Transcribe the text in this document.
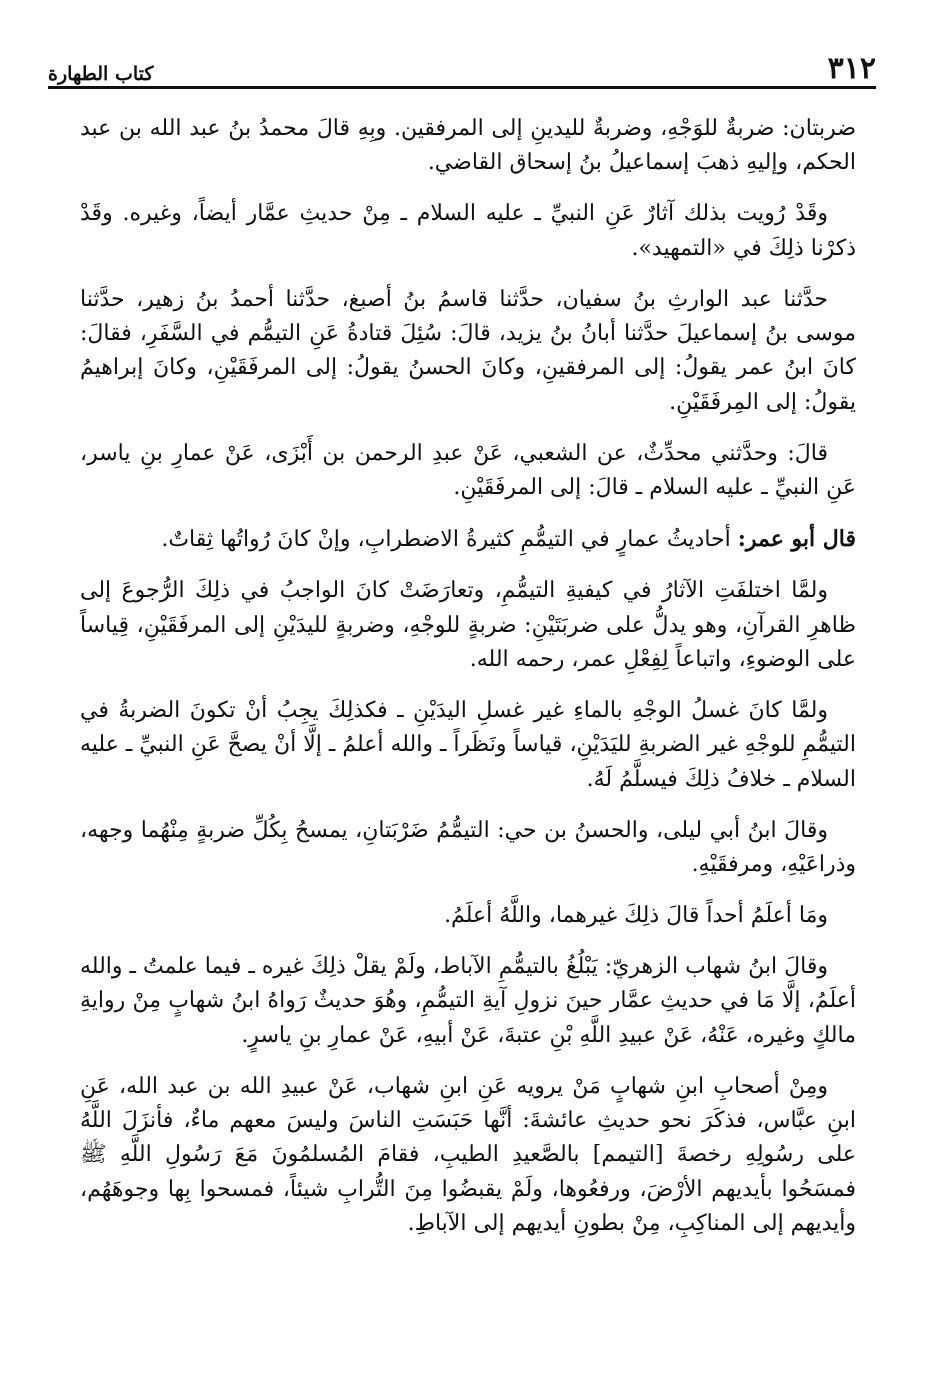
٣١٢
كتاب الطهارة

ضربتان: ضربةٌ للوَجْهِ، وضربةٌ لليدينِ إلى المرفقين. وبِهِ قالَ محمدُ بنُ عبد الله بن عبد الحكم، وإليهِ ذهبَ إسماعيلُ بنُ إسحاق القاضي.

وقَدْ رُويت بذلك آثارٌ عَنِ النبيِّ ـ عليه السلام ـ مِنْ حديثِ عمَّار أيضاً، وغيره. وقَدْ ذكرْنا ذلِكَ في «التمهيد».

حدَّثنا عبد الوارثِ بنُ سفيان، حدَّثنا قاسمُ بنُ أصبغ، حدَّثنا أحمدُ بنُ زهير، حدَّثنا موسى بنُ إسماعيلَ حدَّثنا أبانُ بنُ يزيد، قالَ: سُئِلَ قتادةُ عَنِ التيمُّم في السَّفَرِ، فقالَ: كانَ ابنُ عمر يقولُ: إلى المرفقينِ، وكانَ الحسنُ يقولُ: إلى المرفَقَيْنِ، وكانَ إبراهيمُ يقولُ: إلى المِرفَقَيْنِ.

قالَ: وحدَّثني محدِّثٌ، عن الشعبي، عَنْ عبدِ الرحمن بن أَبْزَى، عَنْ عمارِ بنِ ياسر، عَنِ النبيِّ ـ عليه السلام ـ قالَ: إلى المرفَقَيْنِ.

قال أبو عمر: أحاديثُ عمارٍ في التيمُّمِ كثيرةُ الاضطرابِ، وإنْ كانَ رُواتُها ثِقاتٌ.

ولمَّا اختلفَتِ الآثارُ في كيفيةِ التيمُّمِ، وتعارَضَتْ كانَ الواجبُ في ذلِكَ الرُّجوعَ إلى ظاهرِ القرآنِ، وهو يدلُّ على ضربَتَيْنِ: ضربةٍ للوجْهِ، وضربةٍ لليدَيْنِ إلى المرفَقَيْنِ، قِياساً على الوضوءِ، واتباعاً لِفِعْلِ عمر، رحمه الله.

ولمَّا كانَ غسلُ الوجْهِ بالماءِ غير غسلِ اليدَيْنِ ـ فكذلِكَ يجِبُ أنْ تكونَ الضربةُ في التيمُّمِ للوجْهِ غير الضربةِ لليَدَيْنِ، قياساً ونَظَراً ـ والله أعلمُ ـ إلَّا أنْ يصحَّ عَنِ النبيِّ ـ عليه السلام ـ خلافُ ذلِكَ فيسلَّمُ لَهُ.

وقالَ ابنُ أبي ليلى، والحسنُ بن حي: التيمُّمُ ضَرْبَتانِ، يمسحُ بِكُلِّ ضربةٍ مِنْهُما وجهه، وذراعَيْهِ، ومرفقَيْهِ.

ومَا أعلَمُ أحداً قالَ ذلِكَ غيرهما، واللَّهُ أعلَمُ.

وقالَ ابنُ شهاب الزهريّ: يَبْلُغُ بالتيمُّمِ الآباط، ولَمْ يقلْ ذلِكَ غيره ـ فيما علمتُ ـ والله أعلَمُ، إلَّا مَا في حديثِ عمَّار حينَ نزولِ آيةِ التيمُّمِ، وهُوَ حديثٌ رَواهُ ابنُ شهابٍ مِنْ روايةِ مالكٍ وغيره، عَنْهُ، عَنْ عبيدِ اللَّهِ بْنِ عتبةَ، عَنْ أبيهِ، عَنْ عمارِ بنِ ياسرٍ.

ومِنْ أصحابِ ابنِ شهابٍ مَنْ يرويه عَنِ ابنِ شهاب، عَنْ عبيدِ الله بن عبد الله، عَنِ ابنِ عبَّاس، فذكَرَ نحو حديثِ عائشةَ: أنَّها حَبَسَتِ الناسَ وليسَ معهم ماءٌ، فأنزَلَ اللَّهُ على رسُولِهِ رخصةَ [التيمم] بالصَّعيدِ الطيبِ، فقامَ المُسلمُونَ مَعَ رَسُولِ اللَّهِ ﷺ فمسَحُوا بأيديهم الأرْضَ، ورفعُوها، ولَمْ يقبضُوا مِنَ التُّرابِ شيئاً، فمسحوا بِها وجوهَهُم، وأيديهم إلى المناكِبِ، مِنْ بطونِ أيديهم إلى الآباطِ.
